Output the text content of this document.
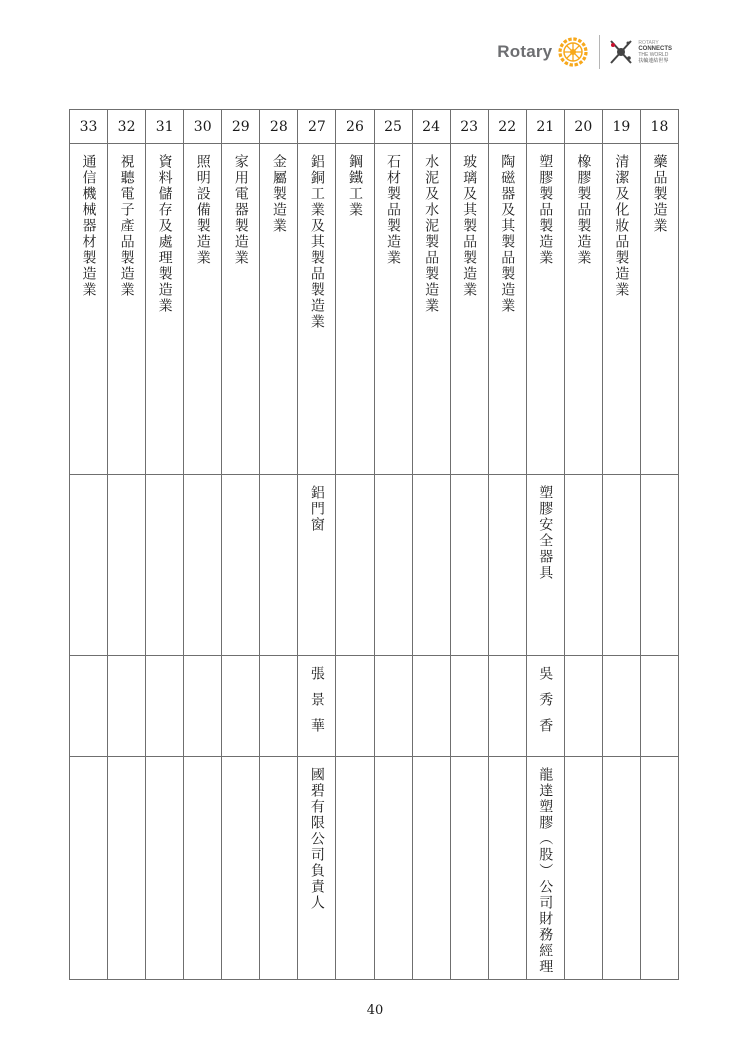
Rotary	ROTARY
CONNECTS
THE WORLD
扶輪連結世界
33	32	31	30	29	28	27	26	25	24	23	22	21	20	19	18
通信機械器材製造業	視聽電子產品製造業	資料儲存及處理製造業	照明設備製造業	家用電器製造業	金屬製造業	鋁銅工業及其製品製造業	鋼鐵工業	石材製品製造業	水泥及水泥製品製造業	玻璃及其製品製造業	陶磁器及其製品製造業	塑膠製品製造業	橡膠製品製造業	清潔及化妝品製造業	藥品製造業
						鋁門窗						塑膠安全器具			
						張景華						吳秀香			
						國碧有限公司負責人						龍達塑膠（股）公司財務經理			
40
